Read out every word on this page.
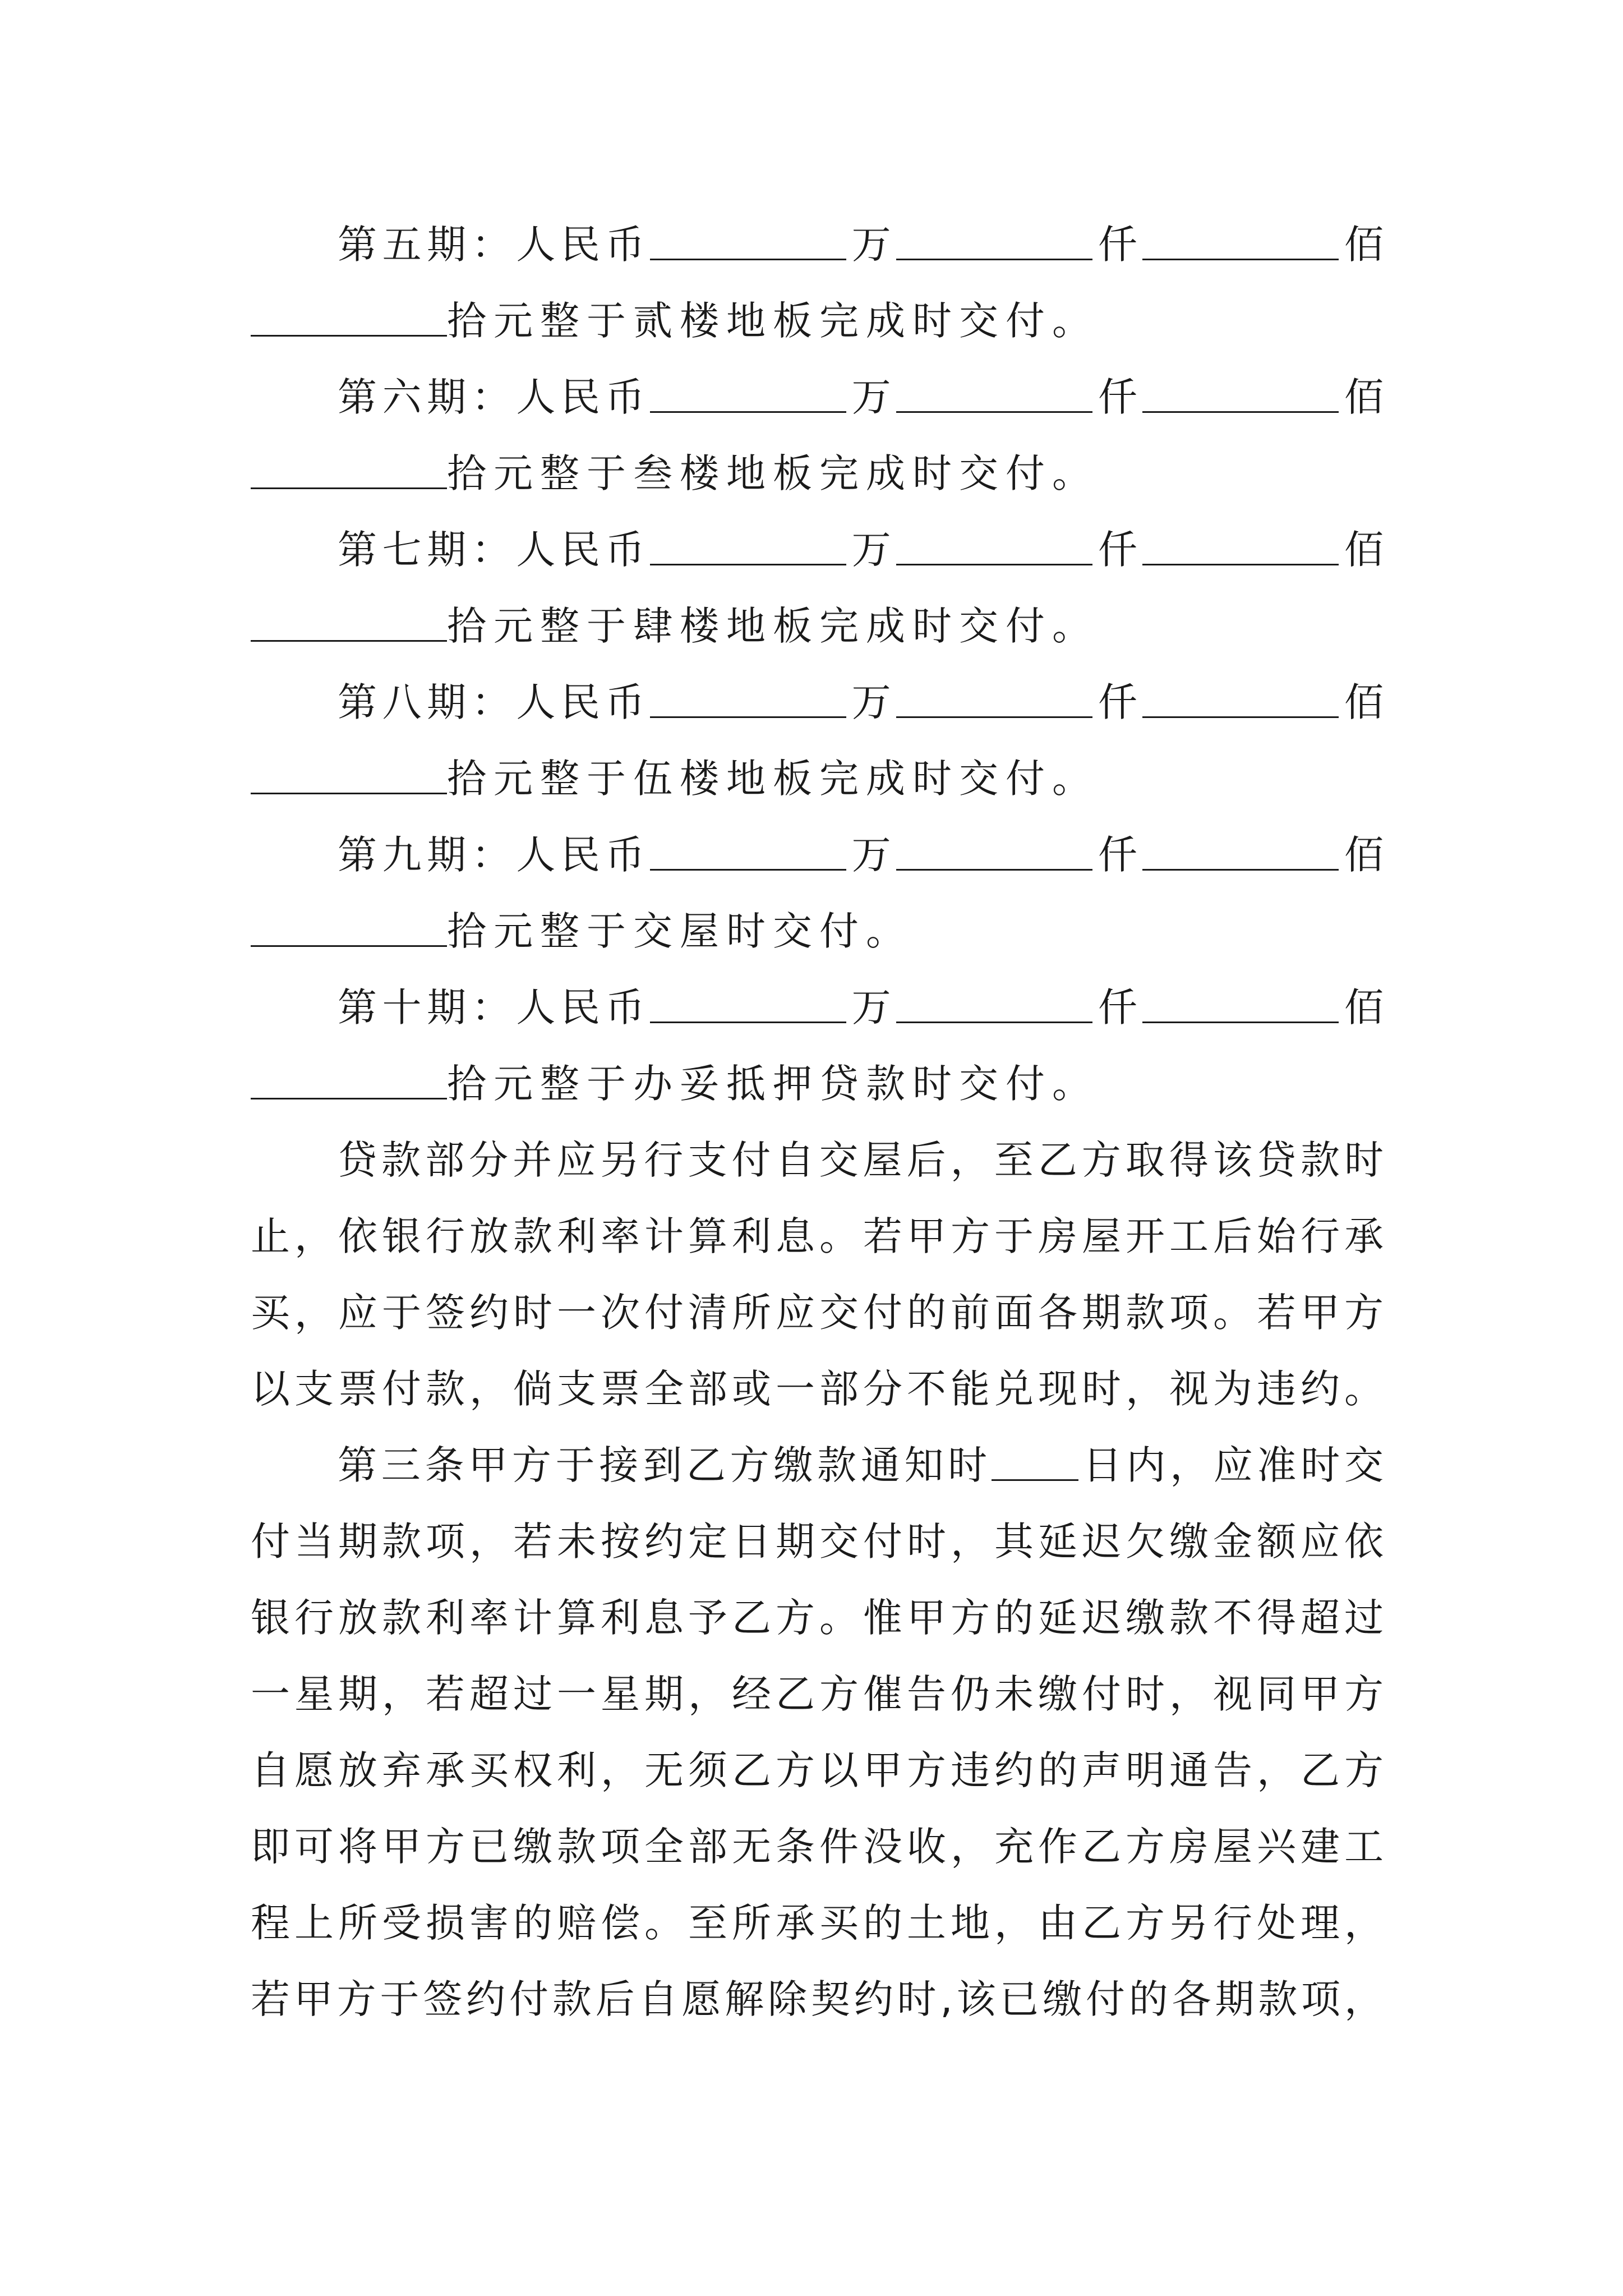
第五期：人民币	万	仟	佰
拾元整于贰楼地板完成时交付。
第六期：人民币	万	仟	佰
拾元整于叁楼地板完成时交付。
第七期：人民币	万	仟	佰
拾元整于肆楼地板完成时交付。
第八期：人民币	万	仟	佰
拾元整于伍楼地板完成时交付。
第九期：人民币	万	仟	佰
拾元整于交屋时交付。
第十期：人民币	万	仟	佰
拾元整于办妥抵押贷款时交付。
贷款部分并应另行支付自交屋后，至乙方取得该贷款时
止，依银行放款利率计算利息。若甲方于房屋开工后始行承
买，应于签约时一次付清所应交付的前面各期款项。若甲方
以支票付款，倘支票全部或一部分不能兑现时，视为违约。
第三条甲方于接到乙方缴款通知时 日内，应准时交
付当期款项，若未按约定日期交付时，其延迟欠缴金额应依
银行放款利率计算利息予乙方。惟甲方的延迟缴款不得超过
一星期，若超过一星期，经乙方催告仍未缴付时，视同甲方
自愿放弃承买权利，无须乙方以甲方违约的声明通告，乙方
即可将甲方已缴款项全部无条件没收，充作乙方房屋兴建工
程上所受损害的赔偿。至所承买的土地，由乙方另行处理，
若甲方于签约付款后自愿解除契约时,该已缴付的各期款项，
